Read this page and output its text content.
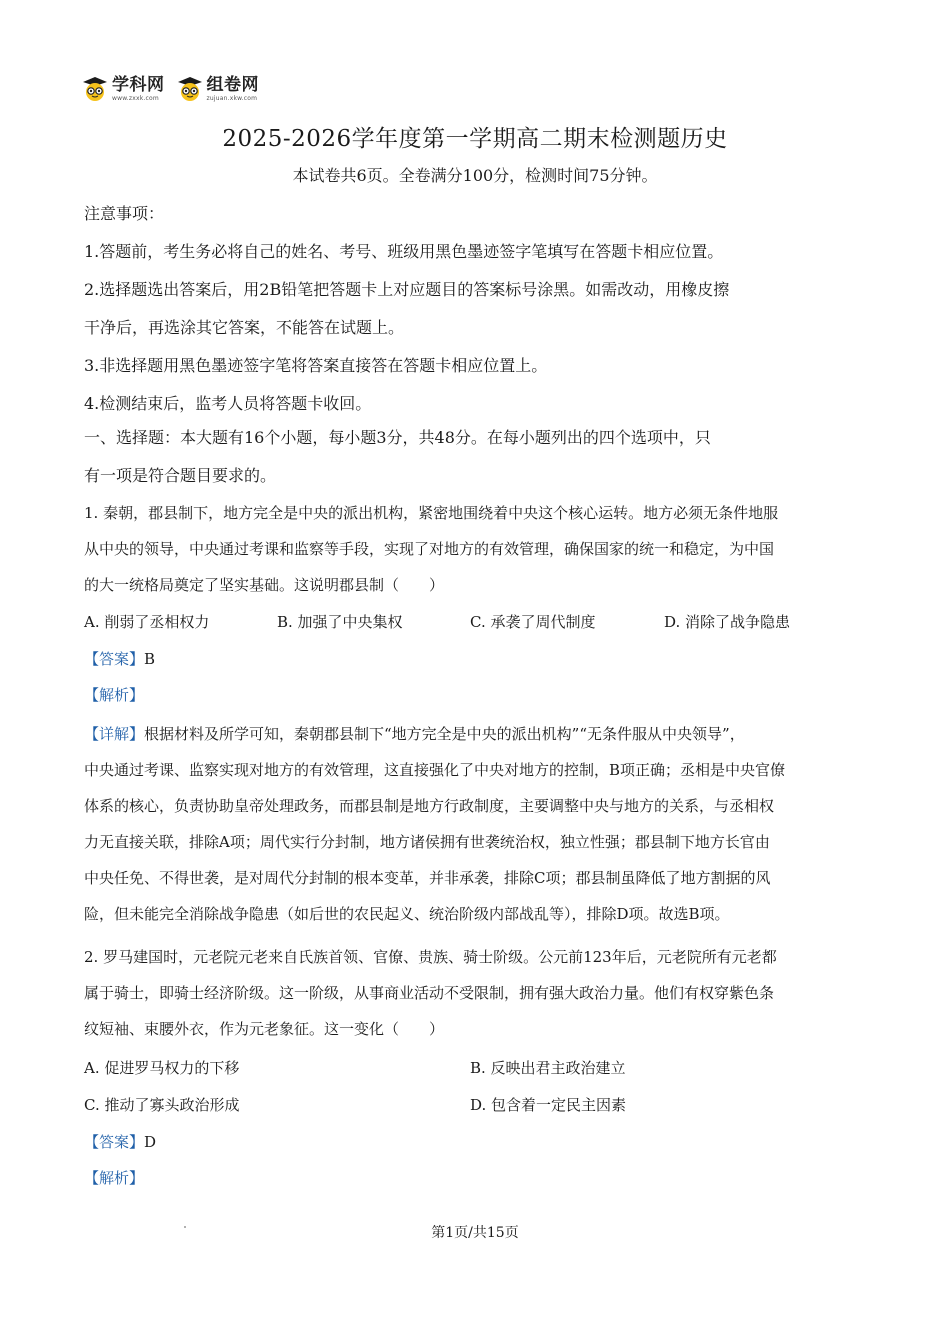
学科网
www.zxxk.com
组卷网
zujuan.xkw.com
2025-2026学年度第一学期高二期末检测题历史
本试卷共6页。全卷满分100分，检测时间75分钟。
注意事项：
1.答题前，考生务必将自己的姓名、考号、班级用黑色墨迹签字笔填写在答题卡相应位置。
2.选择题选出答案后，用2B铅笔把答题卡上对应题目的答案标号涂黑。如需改动，用橡皮擦
干净后，再选涂其它答案，不能答在试题上。
3.非选择题用黑色墨迹签字笔将答案直接答在答题卡相应位置上。
4.检测结束后，监考人员将答题卡收回。
一、选择题：本大题有16个小题，每小题3分，共48分。在每小题列出的四个选项中，只
有一项是符合题目要求的。
1. 秦朝，郡县制下，地方完全是中央的派出机构，紧密地围绕着中央这个核心运转。地方必须无条件地服
从中央的领导，中央通过考课和监察等手段，实现了对地方的有效管理，确保国家的统一和稳定，为中国
的大一统格局奠定了坚实基础。这说明郡县制（　　）
A. 削弱了丞相权力	B. 加强了中央集权	C. 承袭了周代制度	D. 消除了战争隐患
【答案】B
【解析】
【详解】根据材料及所学可知，秦朝郡县制下“地方完全是中央的派出机构”“无条件服从中央领导”，
中央通过考课、监察实现对地方的有效管理，这直接强化了中央对地方的控制，B项正确；丞相是中央官僚
体系的核心，负责协助皇帝处理政务，而郡县制是地方行政制度，主要调整中央与地方的关系，与丞相权
力无直接关联，排除A项；周代实行分封制，地方诸侯拥有世袭统治权，独立性强；郡县制下地方长官由
中央任免、不得世袭，是对周代分封制的根本变革，并非承袭，排除C项；郡县制虽降低了地方割据的风
险，但未能完全消除战争隐患（如后世的农民起义、统治阶级内部战乱等），排除D项。故选B项。
2. 罗马建国时，元老院元老来自氏族首领、官僚、贵族、骑士阶级。公元前123年后，元老院所有元老都
属于骑士，即骑士经济阶级。这一阶级，从事商业活动不受限制，拥有强大政治力量。他们有权穿紫色条
纹短袖、束腰外衣，作为元老象征。这一变化（　　）
A. 促进罗马权力的下移	B. 反映出君主政治建立
C. 推动了寡头政治形成	D. 包含着一定民主因素
【答案】D
【解析】
第1页/共15页
